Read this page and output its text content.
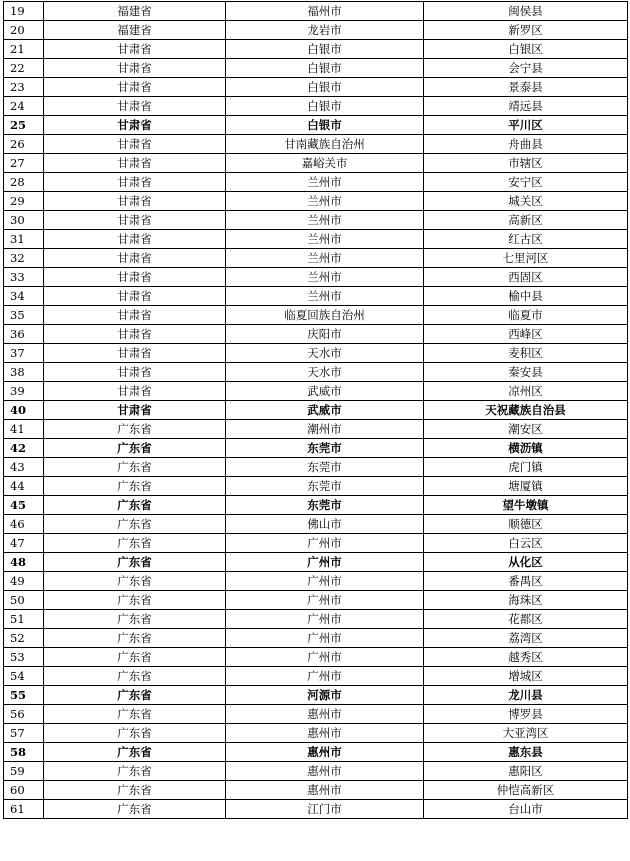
19	福建省	福州市	闽侯县
20	福建省	龙岩市	新罗区
21	甘肃省	白银市	白银区
22	甘肃省	白银市	会宁县
23	甘肃省	白银市	景泰县
24	甘肃省	白银市	靖远县
25	甘肃省	白银市	平川区
26	甘肃省	甘南藏族自治州	舟曲县
27	甘肃省	嘉峪关市	市辖区
28	甘肃省	兰州市	安宁区
29	甘肃省	兰州市	城关区
30	甘肃省	兰州市	高新区
31	甘肃省	兰州市	红古区
32	甘肃省	兰州市	七里河区
33	甘肃省	兰州市	西固区
34	甘肃省	兰州市	榆中县
35	甘肃省	临夏回族自治州	临夏市
36	甘肃省	庆阳市	西峰区
37	甘肃省	天水市	麦积区
38	甘肃省	天水市	秦安县
39	甘肃省	武威市	凉州区
40	甘肃省	武威市	天祝藏族自治县
41	广东省	潮州市	潮安区
42	广东省	东莞市	横沥镇
43	广东省	东莞市	虎门镇
44	广东省	东莞市	塘厦镇
45	广东省	东莞市	望牛墩镇
46	广东省	佛山市	顺德区
47	广东省	广州市	白云区
48	广东省	广州市	从化区
49	广东省	广州市	番禺区
50	广东省	广州市	海珠区
51	广东省	广州市	花都区
52	广东省	广州市	荔湾区
53	广东省	广州市	越秀区
54	广东省	广州市	增城区
55	广东省	河源市	龙川县
56	广东省	惠州市	博罗县
57	广东省	惠州市	大亚湾区
58	广东省	惠州市	惠东县
59	广东省	惠州市	惠阳区
60	广东省	惠州市	仲恺高新区
61	广东省	江门市	台山市
